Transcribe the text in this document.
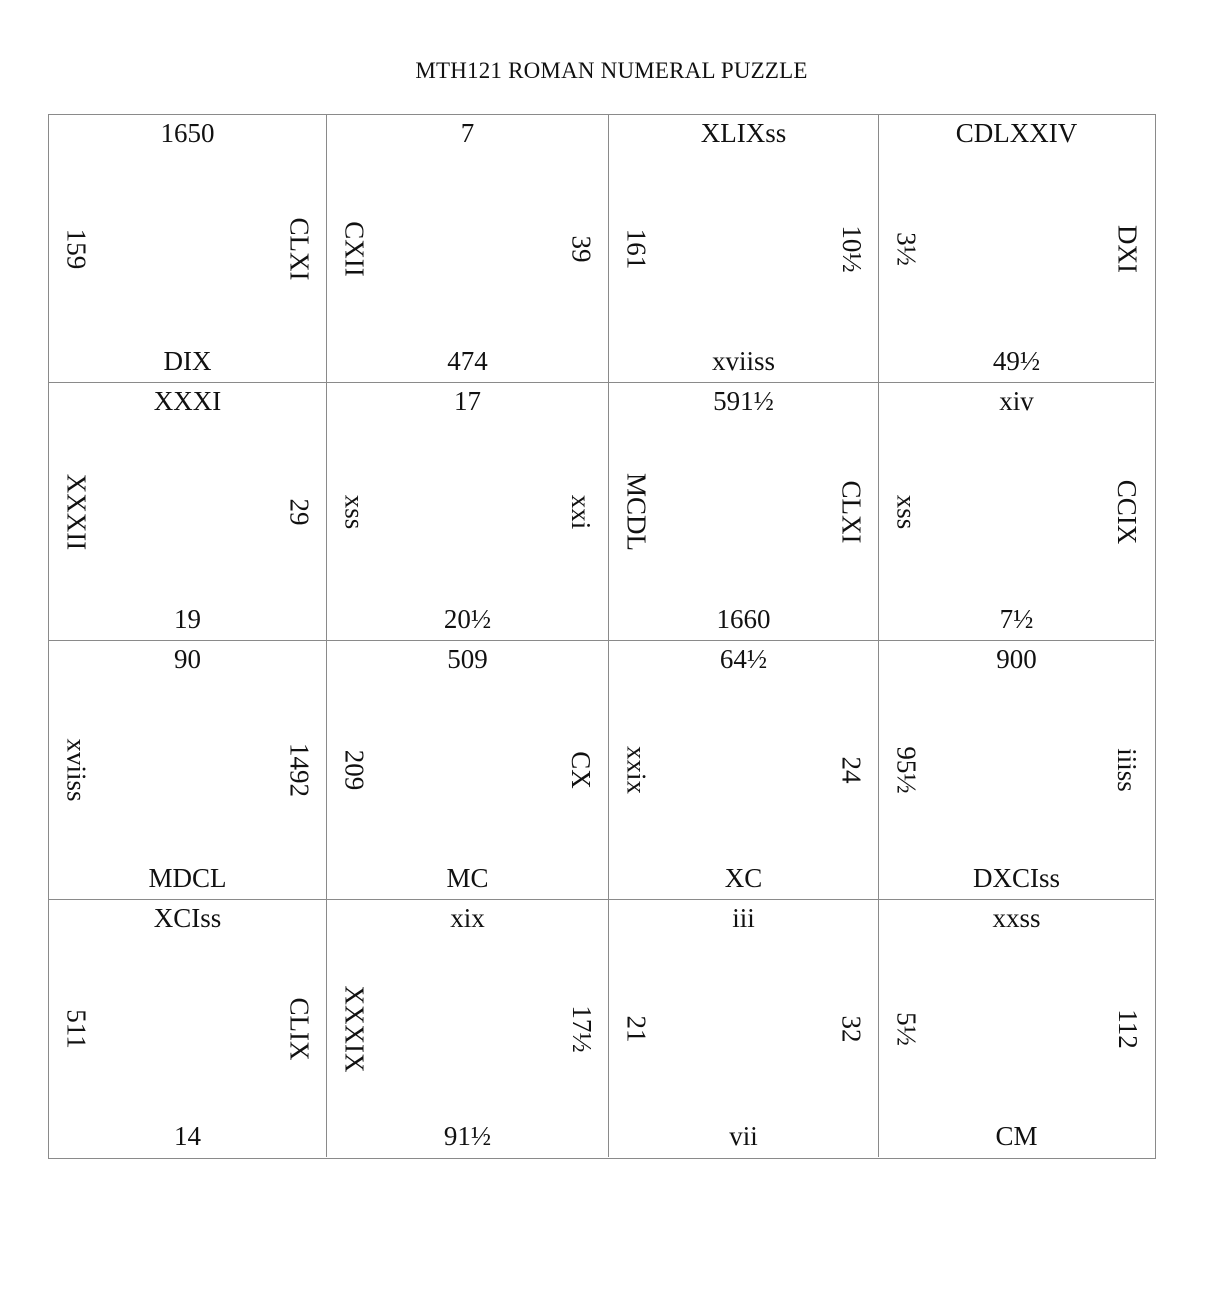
MTH121 ROMAN NUMERAL PUZZLE
1650
159	CLXI
DIX
7
CXII	39
474
XLIXss
161	10½
xviiss
CDLXXIV
3½	DXI
49½
XXXI
XXXII	29
19
17
xss	xxi
20½
591½
MCDL	CLXI
1660
xiv
xss	CCIX
7½
90
xviiss	1492
MDCL
509
209	CX
MC
64½
xxix	24
XC
900
95½	iiiss
DXCIss
XCIss
511	CLIX
14
xix
XXXIX	17½
91½
iii
21	32
vii
xxss
5½	112
CM
